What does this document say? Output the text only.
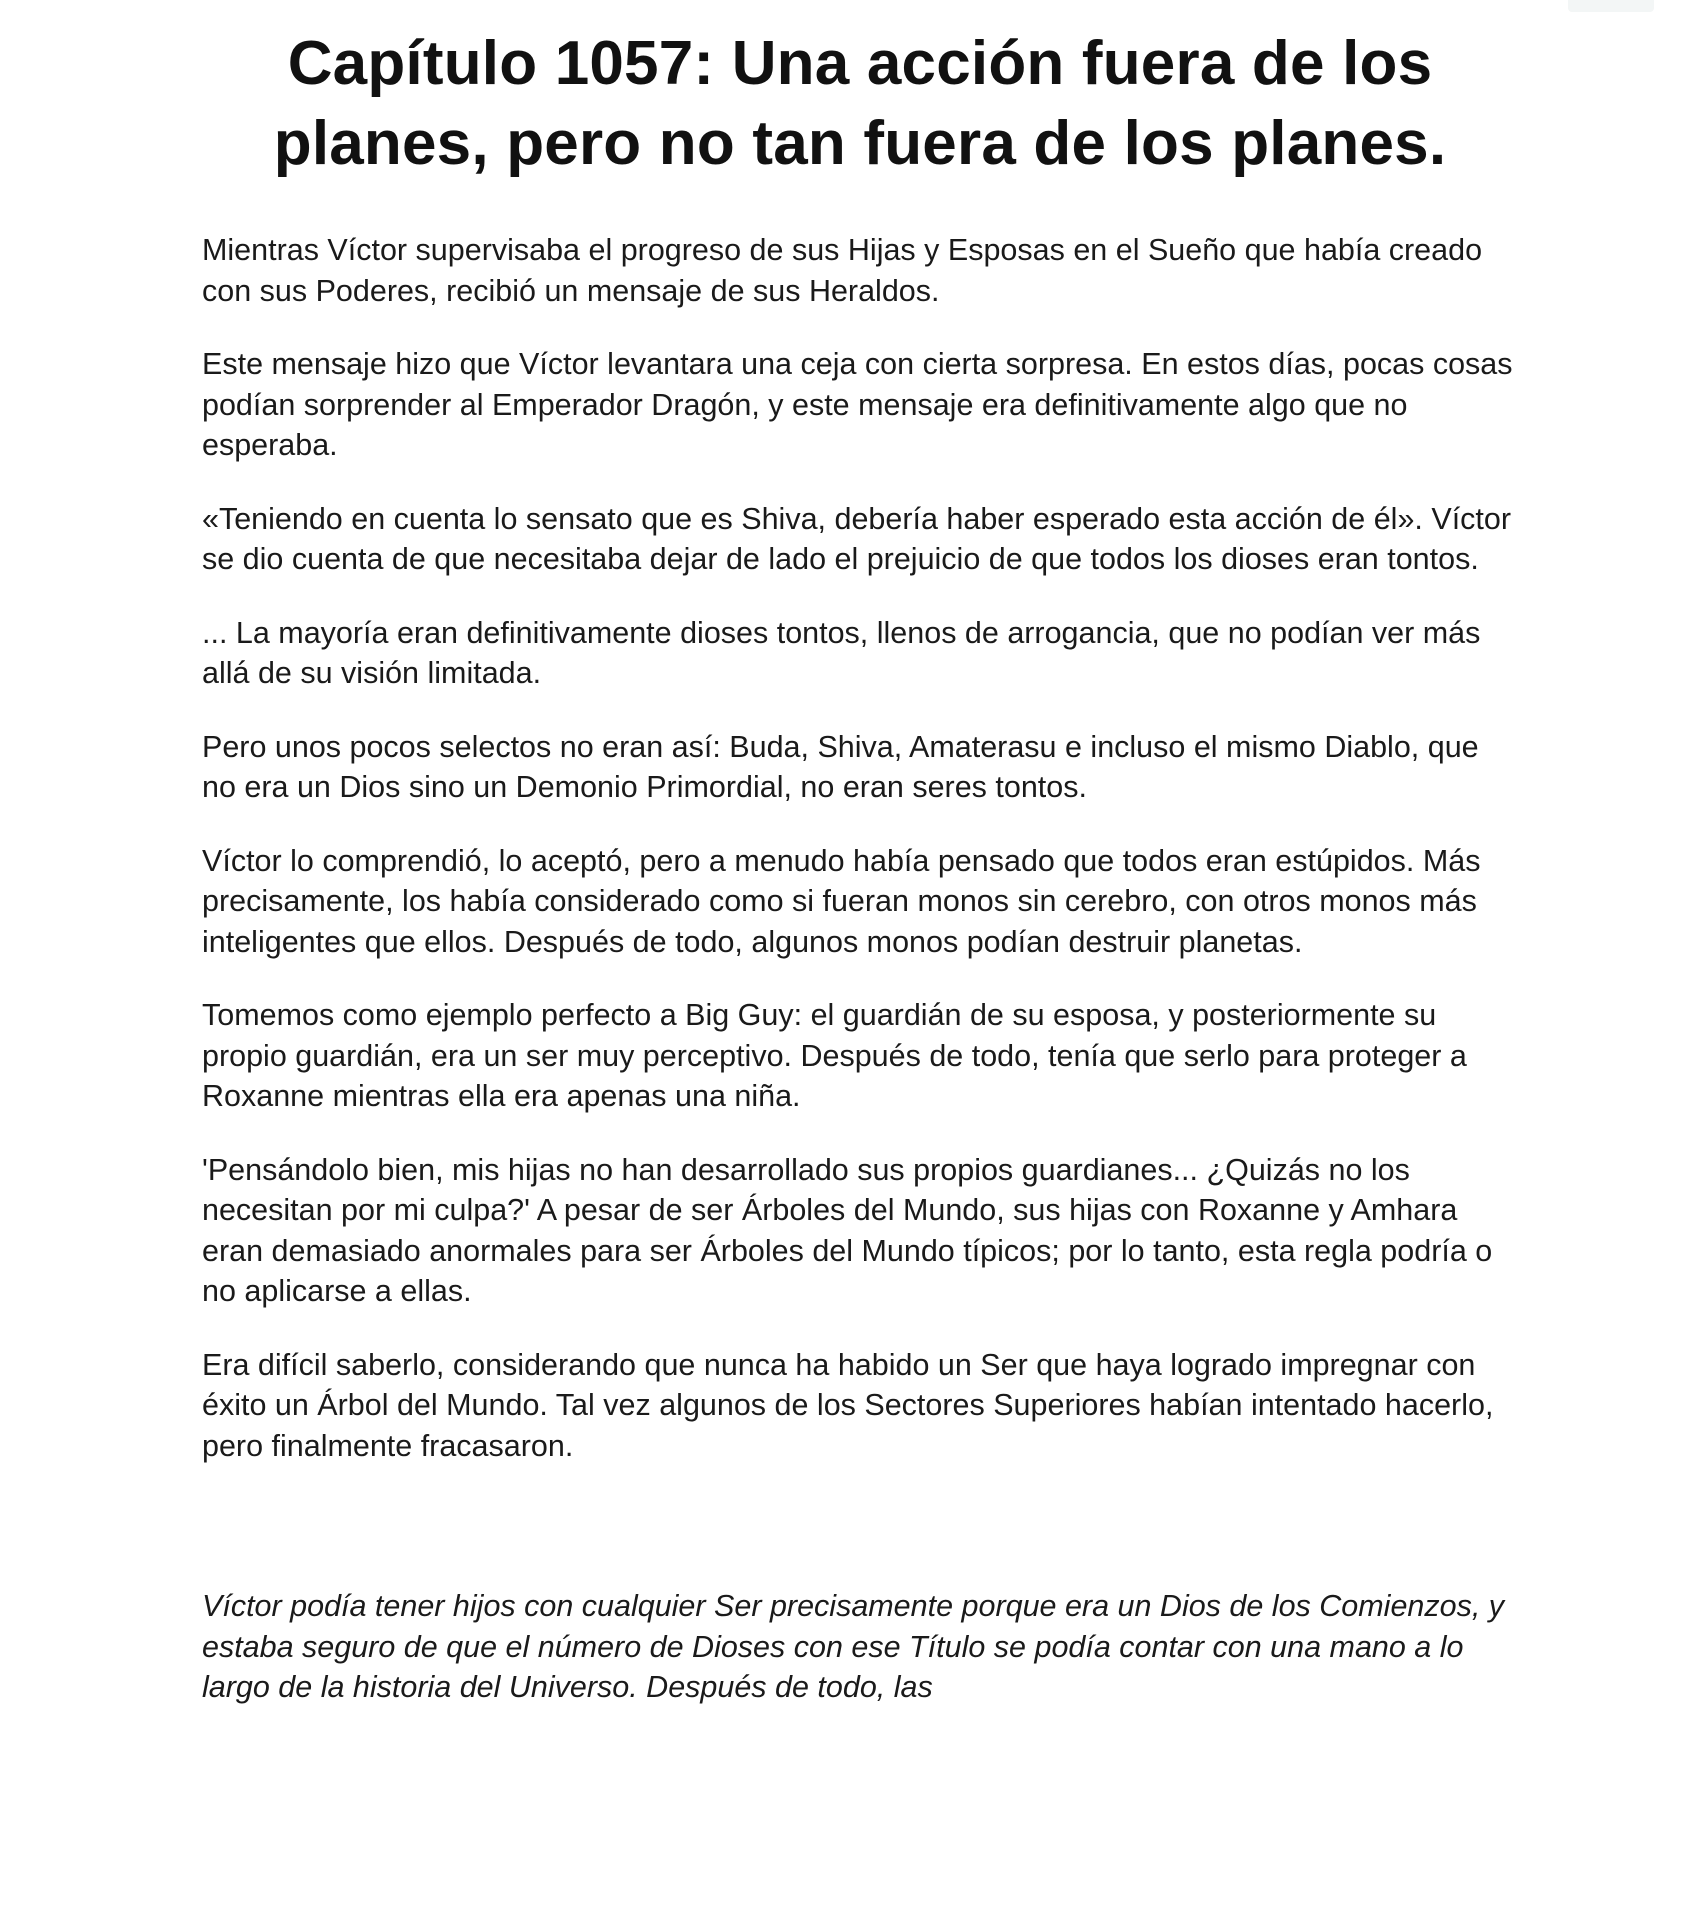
Capítulo 1057: Una acción fuera de los
planes, pero no tan fuera de los planes.

Mientras Víctor supervisaba el progreso de sus Hijas y Esposas en el Sueño que había creado con sus Poderes, recibió un mensaje de sus Heraldos.

Este mensaje hizo que Víctor levantara una ceja con cierta sorpresa. En estos días, pocas cosas podían sorprender al Emperador Dragón, y este mensaje era definitivamente algo que no esperaba.

«Teniendo en cuenta lo sensato que es Shiva, debería haber esperado esta acción de él». Víctor se dio cuenta de que necesitaba dejar de lado el prejuicio de que todos los dioses eran tontos.

... La mayoría eran definitivamente dioses tontos, llenos de arrogancia, que no podían ver más allá de su visión limitada.

Pero unos pocos selectos no eran así: Buda, Shiva, Amaterasu e incluso el mismo Diablo, que no era un Dios sino un Demonio Primordial, no eran seres tontos.

Víctor lo comprendió, lo aceptó, pero a menudo había pensado que todos eran estúpidos. Más precisamente, los había considerado como si fueran monos sin cerebro, con otros monos más inteligentes que ellos. Después de todo, algunos monos podían destruir planetas.

Tomemos como ejemplo perfecto a Big Guy: el guardián de su esposa, y posteriormente su propio guardián, era un ser muy perceptivo. Después de todo, tenía que serlo para proteger a Roxanne mientras ella era apenas una niña.

'Pensándolo bien, mis hijas no han desarrollado sus propios guardianes... ¿Quizás no los necesitan por mi culpa?' A pesar de ser Árboles del Mundo, sus hijas con Roxanne y Amhara eran demasiado anormales para ser Árboles del Mundo típicos; por lo tanto, esta regla podría o no aplicarse a ellas.

Era difícil saberlo, considerando que nunca ha habido un Ser que haya logrado impregnar con éxito un Árbol del Mundo. Tal vez algunos de los Sectores Superiores habían intentado hacerlo, pero finalmente fracasaron.

Víctor podía tener hijos con cualquier Ser precisamente porque era un Dios de los Comienzos, y estaba seguro de que el número de Dioses con ese Título se podía contar con una mano a lo largo de la historia del Universo. Después de todo, las
